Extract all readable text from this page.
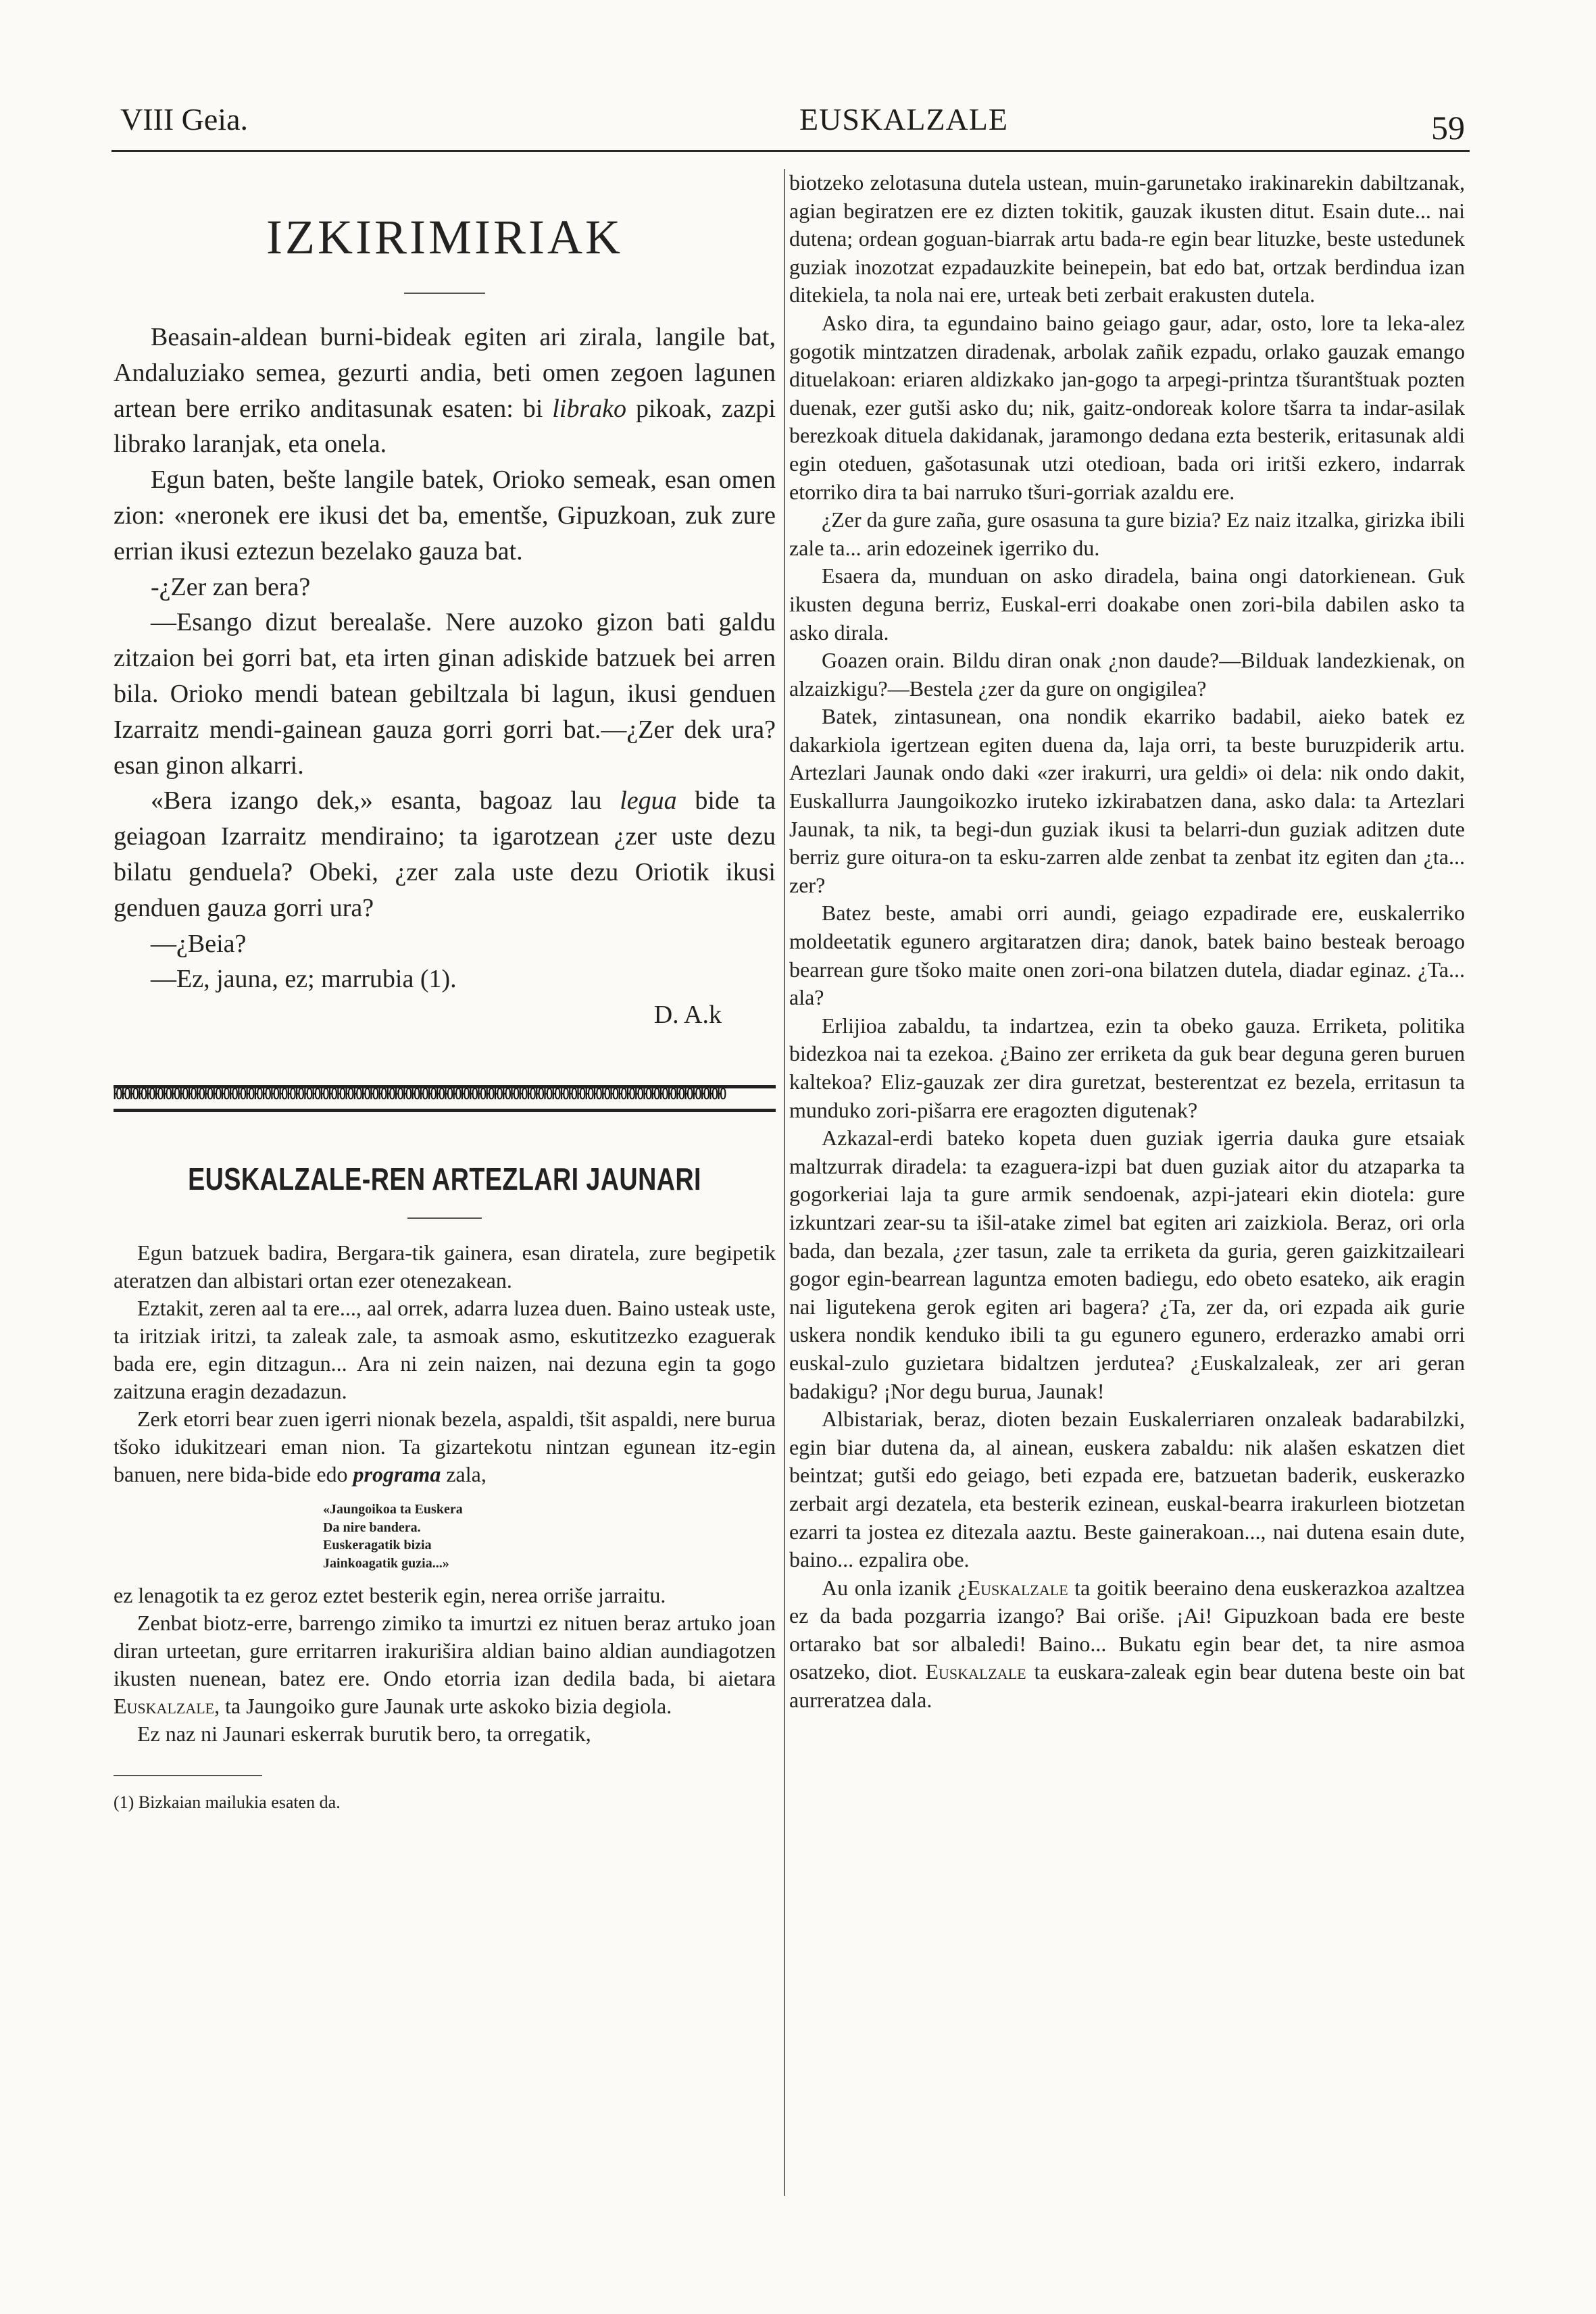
VIII Geia.	EUSKALZALE	59
IZKIRIMIRIAK

Beasain-aldean burni-bideak egiten ari zirala, langile bat, Andaluziako semea, gezurti andia, beti omen zegoen lagunen artean bere erriko anditasunak esaten: bi librako pikoak, zazpi librako laranjak, eta onela.

Egun baten, bešte langile batek, Orioko semeak, esan omen zion: «neronek ere ikusi det ba, ementše, Gipuzkoan, zuk zure errian ikusi eztezun bezelako gauza bat.

-¿Zer zan bera?

—Esango dizut berealaše. Nere auzoko gizon bati galdu zitzaion bei gorri bat, eta irten ginan adiskide batzuek bei arren bila. Orioko mendi batean gebiltzala bi lagun, ikusi genduen Izarraitz mendi-gainean gauza gorri gorri bat.—¿Zer dek ura? esan ginon alkarri.

«Bera izango dek,» esanta, bagoaz lau legua bide ta geiagoan Izarraitz mendiraino; ta igarotzean ¿zer uste dezu bilatu genduela? Obeki, ¿zer zala uste dezu Oriotik ikusi genduen gauza gorri ura?

—¿Beia?

—Ez, jauna, ez; marrubia (1).

D. A.k

ЮЮЮЮЮЮЮЮЮЮЮЮЮЮЮЮЮЮЮЮЮЮЮЮЮЮЮЮЮЮЮЮЮЮЮЮЮЮЮЮЮЮЮЮЮЮЮЮЮЮЮЮЮЮЮЮЮЮЮЮЮЮЮЮЮЮЮЮЮЮЮЮЮЮ
EUSKALZALE-REN ARTEZLARI JAUNARI

Egun batzuek badira, Bergara-tik gainera, esan diratela, zure begipetik ateratzen dan albistari ortan ezer otenezakean.

Eztakit, zeren aal ta ere..., aal orrek, adarra luzea duen. Baino usteak uste, ta iritziak iritzi, ta zaleak zale, ta asmoak asmo, eskutitzezko ezaguerak bada ere, egin ditzagun... Ara ni zein naizen, nai dezuna egin ta gogo zaitzuna eragin dezadazun.

Zerk etorri bear zuen igerri nionak bezela, aspaldi, tšit aspaldi, nere burua tšoko idukitzeari eman nion. Ta gizartekotu nintzan egunean itz-egin banuen, nere bida-bide edo programa zala,

«Jaungoikoa ta Euskera
Da nire bandera.
Euskeragatik bizia
Jainkoagatik guzia...»

ez lenagotik ta ez geroz eztet besterik egin, nerea orriše jarraitu.

Zenbat biotz-erre, barrengo zimiko ta imurtzi ez nituen beraz artuko joan diran urteetan, gure erritarren irakurišira aldian baino aldian aundiagotzen ikusten nuenean, batez ere. Ondo etorria izan dedila bada, bi aietara Euskalzale, ta Jaungoiko gure Jaunak urte askoko bizia degiola.

Ez naz ni Jaunari eskerrak burutik bero, ta orregatik,

(1) Bizkaian mailukia esaten da.

biotzeko zelotasuna dutela ustean, muin-garunetako irakinarekin dabiltzanak, agian begiratzen ere ez dizten tokitik, gauzak ikusten ditut. Esain dute... nai dutena; ordean goguan-biarrak artu bada-re egin bear lituzke, beste ustedunek guziak inozotzat ezpadauzkite beinepein, bat edo bat, ortzak berdindua izan ditekiela, ta nola nai ere, urteak beti zerbait erakusten dutela.

Asko dira, ta egundaino baino geiago gaur, adar, osto, lore ta leka-alez gogotik mintzatzen diradenak, arbolak zañik ezpadu, orlako gauzak emango dituelakoan: eriaren aldizkako jan-gogo ta arpegi-printza tšurantštuak pozten duenak, ezer gutši asko du; nik, gaitz-ondoreak kolore tšarra ta indar-asilak berezkoak dituela dakidanak, jaramongo dedana ezta besterik, eritasunak aldi egin oteduen, gašotasunak utzi otedioan, bada ori iritši ezkero, indarrak etorriko dira ta bai narruko tšuri-gorriak azaldu ere.

¿Zer da gure zaña, gure osasuna ta gure bizia? Ez naiz itzalka, girizka ibili zale ta... arin edozeinek igerriko du.

Esaera da, munduan on asko diradela, baina ongi datorkienean. Guk ikusten deguna berriz, Euskal-erri doakabe onen zori-bila dabilen asko ta asko dirala.

Goazen orain. Bildu diran onak ¿non daude?—Bilduak landezkienak, on alzaizkigu?—Bestela ¿zer da gure on ongigilea?

Batek, zintasunean, ona nondik ekarriko badabil, aieko batek ez dakarkiola igertzean egiten duena da, laja orri, ta beste buruzpiderik artu. Artezlari Jaunak ondo daki «zer irakurri, ura geldi» oi dela: nik ondo dakit, Euskallurra Jaungoikozko iruteko izkirabatzen dana, asko dala: ta Artezlari Jaunak, ta nik, ta begi-dun guziak ikusi ta belarri-dun guziak aditzen dute berriz gure oitura-on ta esku-zarren alde zenbat ta zenbat itz egiten dan ¿ta... zer?

Batez beste, amabi orri aundi, geiago ezpadirade ere, euskalerriko moldeetatik egunero argitaratzen dira; danok, batek baino besteak beroago bearrean gure tšoko maite onen zori-ona bilatzen dutela, diadar eginaz. ¿Ta... ala?

Erlijioa zabaldu, ta indartzea, ezin ta obeko gauza. Erriketa, politika bidezkoa nai ta ezekoa. ¿Baino zer erriketa da guk bear deguna geren buruen kaltekoa? Eliz-gauzak zer dira guretzat, besterentzat ez bezela, erritasun ta munduko zori-pišarra ere eragozten digutenak?

Azkazal-erdi bateko kopeta duen guziak igerria dauka gure etsaiak maltzurrak diradela: ta ezaguera-izpi bat duen guziak aitor du atzaparka ta gogorkeriai laja ta gure armik sendoenak, azpi-jateari ekin diotela: gure izkuntzari zear-su ta išil-atake zimel bat egiten ari zaizkiola. Beraz, ori orla bada, dan bezala, ¿zer tasun, zale ta erriketa da guria, geren gaizkitzaileari gogor egin-bearrean laguntza emoten badiegu, edo obeto esateko, aik eragin nai ligutekena gerok egiten ari bagera? ¿Ta, zer da, ori ezpada aik gurie uskera nondik kenduko ibili ta gu egunero egunero, erderazko amabi orri euskal-zulo guzietara bidaltzen jerdutea? ¿Euskalzaleak, zer ari geran badakigu? ¡Nor degu burua, Jaunak!

Albistariak, beraz, dioten bezain Euskalerriaren onzaleak badarabilzki, egin biar dutena da, al ainean, euskera zabaldu: nik alašen eskatzen diet beintzat; gutši edo geiago, beti ezpada ere, batzuetan baderik, euskerazko zerbait argi dezatela, eta besterik ezinean, euskal-bearra irakurleen biotzetan ezarri ta jostea ez ditezala aaztu. Beste gainerakoan..., nai dutena esain dute, baino... ezpalira obe.

Au onla izanik ¿Euskalzale ta goitik beeraino dena euskerazkoa azaltzea ez da bada pozgarria izango? Bai oriše. ¡Ai! Gipuzkoan bada ere beste ortarako bat sor albaledi! Baino... Bukatu egin bear det, ta nire asmoa osatzeko, diot. Euskalzale ta euskara-zaleak egin bear dutena beste oin bat aurreratzea dala.
